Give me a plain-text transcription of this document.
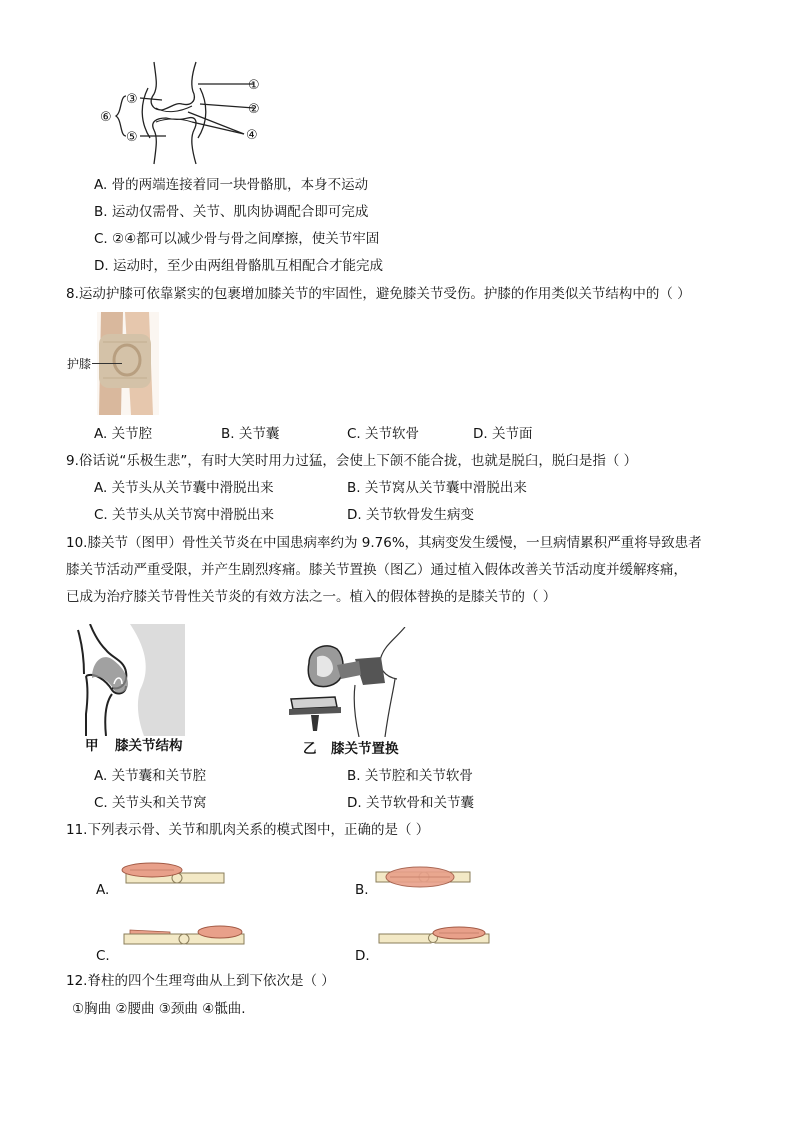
①
②
③
④
⑤
⑥
A. 骨的两端连接着同一块骨骼肌，本身不运动
B. 运动仅需骨、关节、肌肉协调配合即可完成
C. ②④都可以减少骨与骨之间摩擦，使关节牢固
D. 运动时，至少由两组骨骼肌互相配合才能完成
8.运动护膝可依靠紧实的包裹增加膝关节的牢固性，避免膝关节受伤。护膝的作用类似关节结构中的（ ）
护膝
A. 关节腔	B. 关节囊	C. 关节软骨	D. 关节面
9.俗话说“乐极生悲”，有时大笑时用力过猛，会使上下颌不能合拢，也就是脱臼，脱臼是指（ ）
A. 关节头从关节囊中滑脱出来	B. 关节窝从关节囊中滑脱出来
C. 关节头从关节窝中滑脱出来	D. 关节软骨发生病变
10.膝关节（图甲）骨性关节炎在中国患病率约为 9.76%，其病变发生缓慢，一旦病情累积严重将导致患者
膝关节活动严重受限，并产生剧烈疼痛。膝关节置换（图乙）通过植入假体改善关节活动度并缓解疼痛，
已成为治疗膝关节骨性关节炎的有效方法之一。植入的假体替换的是膝关节的（ ）
甲 膝关节结构	乙 膝关节置换
A. 关节囊和关节腔	B. 关节腔和关节软骨
C. 关节头和关节窝	D. 关节软骨和关节囊
11.下列表示骨、关节和肌肉关系的模式图中，正确的是（ ）
A.	B.
C.	D.
12.脊柱的四个生理弯曲从上到下依次是（ ）
①胸曲 ②腰曲 ③颈曲 ④骶曲.
